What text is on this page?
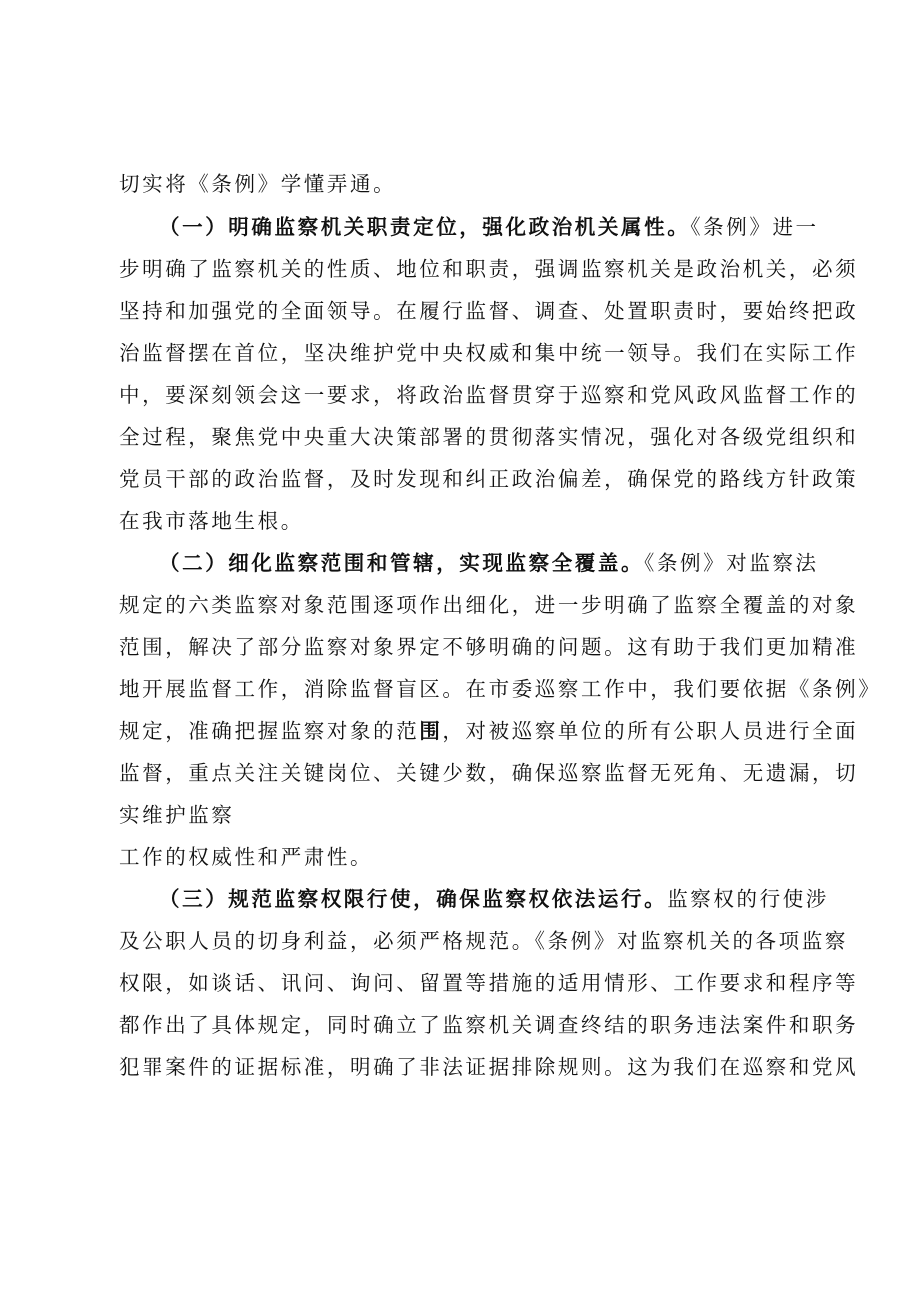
切实将《条例》学懂弄通。
（一）明确监察机关职责定位，强化政治机关属性。《条例》进一
步明确了监察机关的性质、地位和职责，强调监察机关是政治机关，必须
坚持和加强党的全面领导。在履行监督、调查、处置职责时，要始终把政
治监督摆在首位，坚决维护党中央权威和集中统一领导。我们在实际工作
中，要深刻领会这一要求，将政治监督贯穿于巡察和党风政风监督工作的
全过程，聚焦党中央重大决策部署的贯彻落实情况，强化对各级党组织和
党员干部的政治监督，及时发现和纠正政治偏差，确保党的路线方针政策
在我市落地生根。
（二）细化监察范围和管辖，实现监察全覆盖。《条例》对监察法
规定的六类监察对象范围逐项作出细化，进一步明确了监察全覆盖的对象
范围，解决了部分监察对象界定不够明确的问题。这有助于我们更加精准
地开展监督工作，消除监督盲区。在市委巡察工作中，我们要依据《条例》
规定，准确把握监察对象的范围，对被巡察单位的所有公职人员进行全面
监督，重点关注关键岗位、关键少数，确保巡察监督无死角、无遗漏，切
实维护监察
工作的权威性和严肃性。
（三）规范监察权限行使，确保监察权依法运行。监察权的行使涉
及公职人员的切身利益，必须严格规范。《条例》对监察机关的各项监察
权限，如谈话、讯问、询问、留置等措施的适用情形、工作要求和程序等
都作出了具体规定，同时确立了监察机关调查终结的职务违法案件和职务
犯罪案件的证据标准，明确了非法证据排除规则。这为我们在巡察和党风
